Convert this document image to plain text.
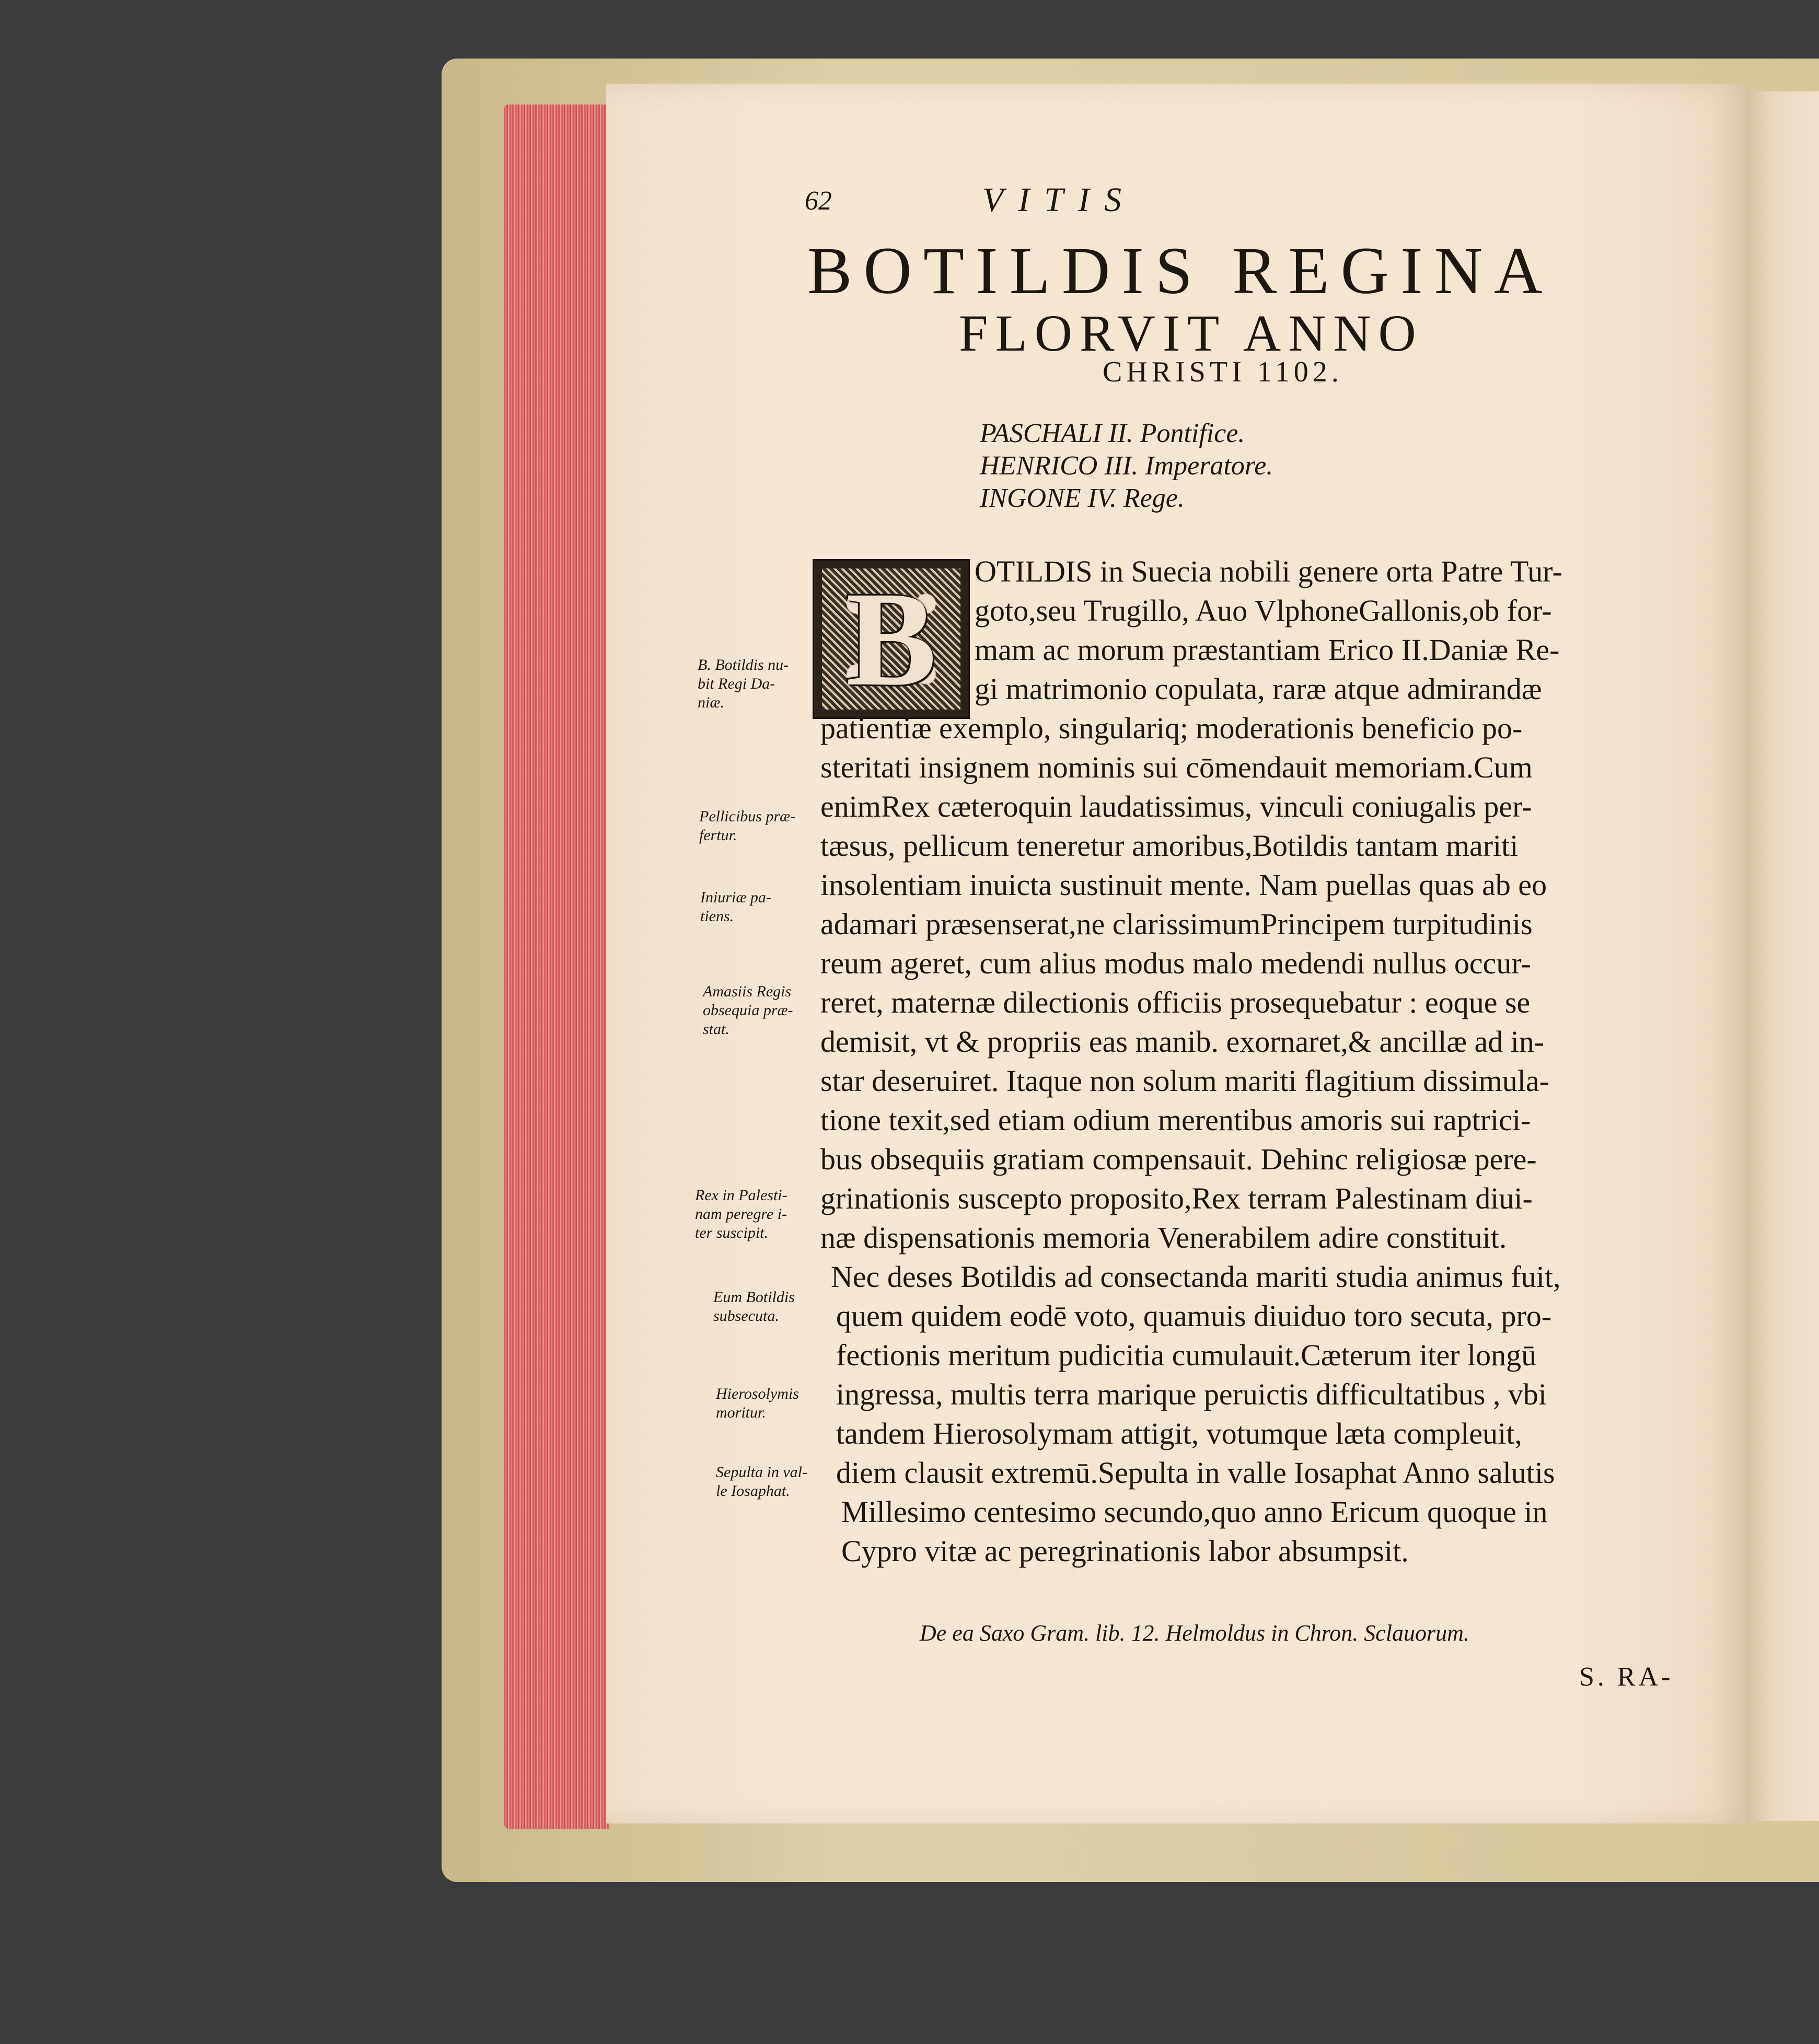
62	VITIS
BOTILDIS REGINA
FLORVIT ANNO
CHRISTI 1102.
PASCHALI II. Pontifice.
HENRICO III. Imperatore.
INGONE IV. Rege.
B OTILDIS in Suecia nobili genere orta Patre Tur-
goto,seu Trugillo, Auo VlphoneGallonis,ob for-
mam ac morum præstantiam Erico II.Daniæ Re-
gi matrimonio copulata, raræ atque admirandæ
patientiæ exemplo, singulariq; moderationis beneficio po-
steritati insignem nominis sui cōmendauit memoriam.Cum
enimRex cæteroquin laudatissimus, vinculi coniugalis per-
tæsus, pellicum teneretur amoribus,Botildis tantam mariti
insolentiam inuicta sustinuit mente. Nam puellas quas ab eo
adamari præsenserat,ne clarissimumPrincipem turpitudinis
reum ageret, cum alius modus malo medendi nullus occur-
reret, maternæ dilectionis officiis prosequebatur : eoque se
demisit, vt & propriis eas manib. exornaret,& ancillæ ad in-
star deseruiret. Itaque non solum mariti flagitium dissimula-
tione texit,sed etiam odium merentibus amoris sui raptrici-
bus obsequiis gratiam compensauit. Dehinc religiosæ pere-
grinationis suscepto proposito,Rex terram Palestinam diui-
næ dispensationis memoria Venerabilem adire constituit.
Nec deses Botildis ad consectanda mariti studia animus fuit,
quem quidem eodē voto, quamuis diuiduo toro secuta, pro-
fectionis meritum pudicitia cumulauit.Cæterum iter longū
ingressa, multis terra marique peruictis difficultatibus , vbi
tandem Hierosolymam attigit, votumque læta compleuit,
diem clausit extremū.Sepulta in valle Iosaphat Anno salutis
Millesimo centesimo secundo,quo anno Ericum quoque in
Cypro vitæ ac peregrinationis labor absumpsit.
B. Botildis nu-
bit Regi Da-
niæ.
Pellicibus præ-
fertur.
Iniuriæ pa-
tiens.
Amasiis Regis
obsequia præ-
stat.
Rex in Palesti-
nam peregre i-
ter suscipit.
Eum Botildis
subsecuta.
Hierosolymis
moritur.
Sepulta in val-
le Iosaphat.
De ea Saxo Gram. lib. 12. Helmoldus in Chron. Sclauorum.
S. RA-
